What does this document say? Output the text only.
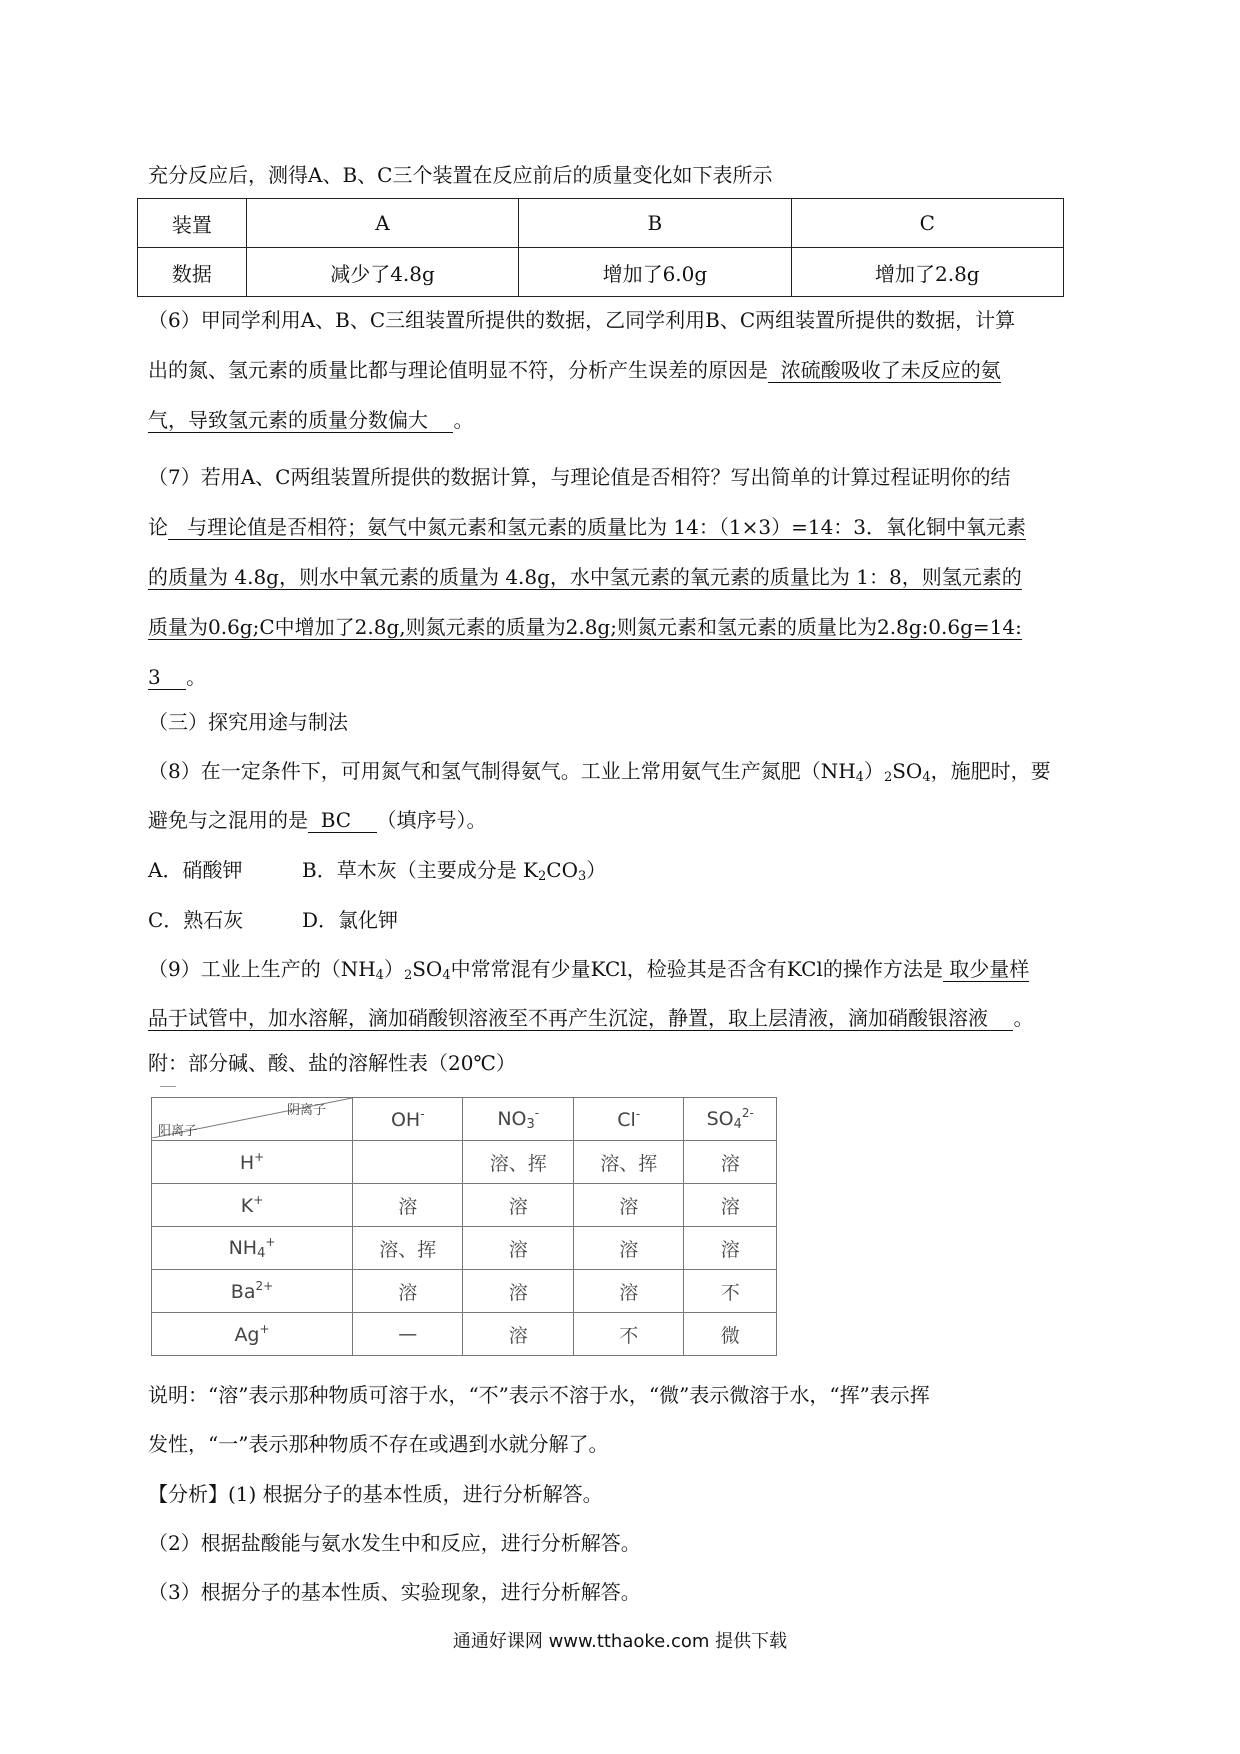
充分反应后，测得A、B、C三个装置在反应前后的质量变化如下表所示
装置	A	B	C
数据	减少了4.8g	增加了6.0g	增加了2.8g
（6）甲同学利用A、B、C三组装置所提供的数据，乙同学利用B、C两组装置所提供的数据，计算
出的氮、氢元素的质量比都与理论值明显不符，分析产生误差的原因是 浓硫酸吸收了未反应的氨
气，导致氢元素的质量分数偏大 。
（7）若用A、C两组装置所提供的数据计算，与理论值是否相符？写出简单的计算过程证明你的结
论 与理论值是否相符；氨气中氮元素和氢元素的质量比为 14：（1×3）=14：3．氧化铜中氧元素
的质量为 4.8g，则水中氧元素的质量为 4.8g，水中氢元素的氧元素的质量比为 1：8，则氢元素的
质量为0.6g;C中增加了2.8g,则氮元素的质量为2.8g;则氮元素和氢元素的质量比为2.8g:0.6g=14:
3 。
（三）探究用途与制法
（8）在一定条件下，可用氮气和氢气制得氨气。工业上常用氨气生产氮肥$(NH_4)_2SO_4$，施肥时，要
避免与之混用的是 BC （填序号）。
A．硝酸钾	B．草木灰（主要成分是 $K_2CO_3$）
C．熟石灰	D．氯化钾
（9）工业上生产的$(NH_4)_2SO_4$中常常混有少量KCl，检验其是否含有KCl的操作方法是 取少量样
品于试管中，加水溶解，滴加硝酸钡溶液至不再产生沉淀，静置，取上层清液，滴加硝酸银溶液 。
附：部分碱、酸、盐的溶解性表（20℃）
阴离子
阳离子	OH-	$NO_3^-$	Cl-	$SO_4^{2-}$
H+		溶、挥	溶、挥	溶
K+	溶	溶	溶	溶
$NH_4^+$	溶、挥	溶	溶	溶
$Ba^{2+}$	溶	溶	溶	不
Ag+	—	溶	不	微
说明：“溶”表示那种物质可溶于水，“不”表示不溶于水，“微”表示微溶于水，“挥”表示挥
发性，“一”表示那种物质不存在或遇到水就分解了。
【分析】(1) 根据分子的基本性质，进行分析解答。
（2）根据盐酸能与氨水发生中和反应，进行分析解答。
（3）根据分子的基本性质、实验现象，进行分析解答。
通通好课网 www.tthaoke.com 提供下载
